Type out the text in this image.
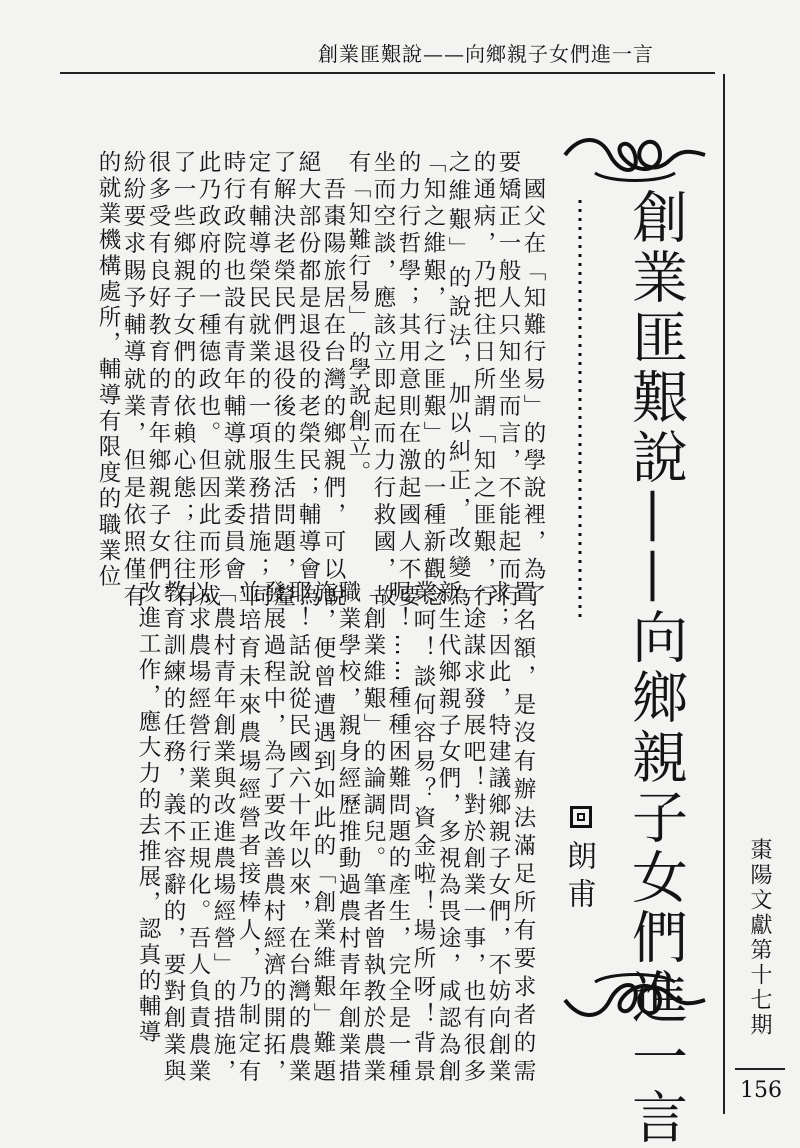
創業匪艱說——向鄉親子女們進一言
　國父在「知難行易」的學說裡，為了要矯正一般人只知坐而言，不能起而行的通病，乃把往日所謂「知之匪艱，行之維艱」的說法，加以糾正，改變為「知之維艱，行之匪艱」的一種新觀念的力行哲學；其用意則在激起國人不要坐而空談，應該立即起而力行救國，故有「知難行易」的學說創立。
　吾棗陽旅居在台灣的鄉親們，可以說絕大部份都是退役的老榮民；輔導會為了解決老榮民們退役後的生活問題，釐定有輔導榮民就業的一項服務措施；同時行政院也設有青年輔導就業委員會，此乃政府的一種德政也。但因此而形成了一些鄉親子女們的依賴心態；往往有很多受有良好教育的青年鄉親子女們，紛紛要求賜予輔導就業，但是依照僅有的就業機構處所，輔導有限度的職業位
置名額，是沒有辦法滿足所有要求者的需求；因此，特建議鄉親子女們，不妨向創業一途謀求發展吧！對於創業一事，也有很多新生代鄉親子女們，多視為畏途，咸認為創業呵！談何容易？資金啦！場所呀！背景呢！⋯⋯種種困難問題的產生，完全是一種「創業維艱」的論調兒。筆者曾執教於農業職業學校，親身經歷推動過農村青年創業措施，便曾遭遇到如此的「創業維艱」難題耶！話說從民國六十年以來，在台灣的農業發展過程中，為了要改善農村經濟的開拓，並培育未來農場經營者接棒人，乃制定有「農村青年創業與改進農場經營」的措施，以求農場經營行業的正規化。吾人負責農業教育訓練的任務，義不容辭的，要對創業與改進工作，應大力的去推展，認真的輔導	創業匪艱說——向鄉親子女們進一言
朗甫	棗陽文獻第十七期
156
